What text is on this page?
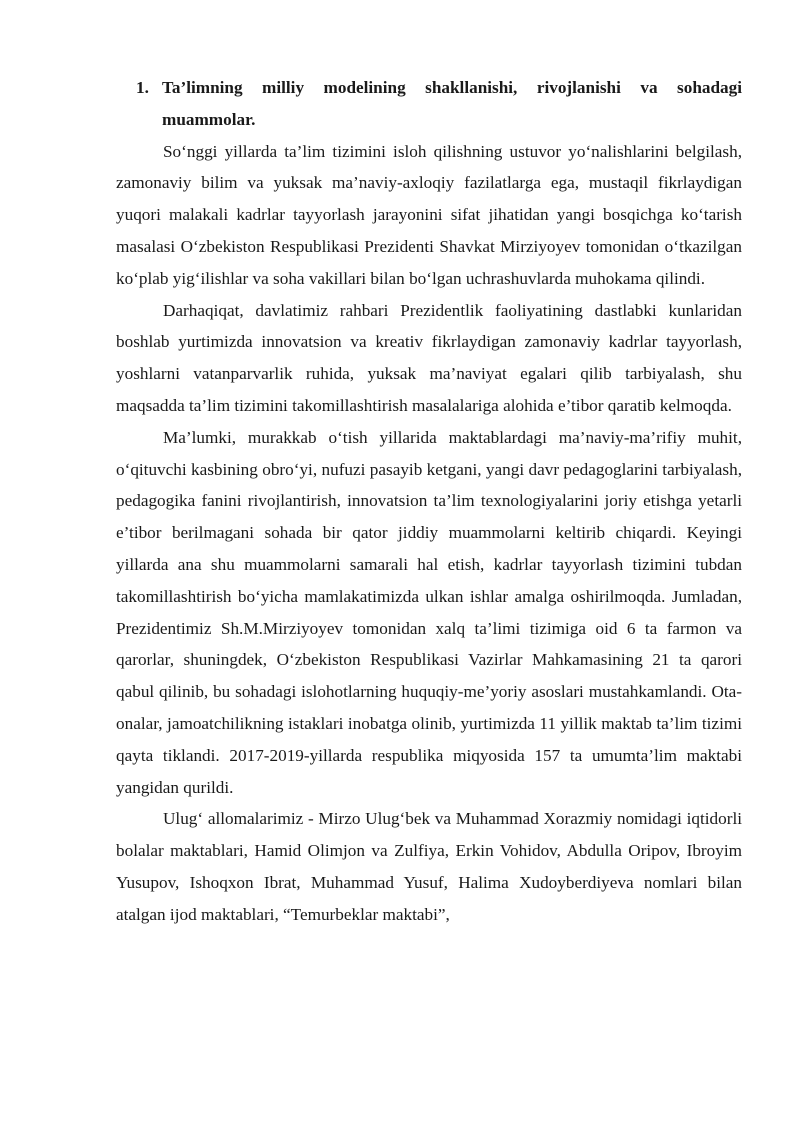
1. Ta’limning milliy modelining shakllanishi, rivojlanishi va sohadagi muammolar.

So‘nggi yillarda ta’lim tizimini isloh qilishning ustuvor yo‘nalishlarini belgilash, zamonaviy bilim va yuksak ma’naviy-axloqiy fazilatlarga ega, mustaqil fikrlaydigan yuqori malakali kadrlar tayyorlash jarayonini sifat jihatidan yangi bosqichga ko‘tarish masalasi O‘zbekiston Respublikasi Prezidenti Shavkat Mirziyoyev tomonidan o‘tkazilgan ko‘plab yig‘ilishlar va soha vakillari bilan bo‘lgan uchrashuvlarda muhokama qilindi.

Darhaqiqat, davlatimiz rahbari Prezidentlik faoliyatining dastlabki kunlaridan boshlab yurtimizda innovatsion va kreativ fikrlaydigan zamonaviy kadrlar tayyorlash, yoshlarni vatanparvarlik ruhida, yuksak ma’naviyat egalari qilib tarbiyalash, shu maqsadda ta’lim tizimini takomillashtirish masalalariga alohida e’tibor qaratib kelmoqda.

Ma’lumki, murakkab o‘tish yillarida maktablardagi ma’naviy-ma’rifiy muhit, o‘qituvchi kasbining obro‘yi, nufuzi pasayib ketgani, yangi davr pedagoglarini tarbiyalash, pedagogika fanini rivojlantirish, innovatsion ta’lim texnologiyalarini joriy etishga yetarli e’tibor berilmagani sohada bir qator jiddiy muammolarni keltirib chiqardi. Keyingi yillarda ana shu muammolarni samarali hal etish, kadrlar tayyorlash tizimini tubdan takomillashtirish bo‘yicha mamlakatimizda ulkan ishlar amalga oshirilmoqda. Jumladan, Prezidentimiz Sh.M.Mirziyoyev tomonidan xalq ta’limi tizimiga oid 6 ta farmon va qarorlar, shuningdek, O‘zbekiston Respublikasi Vazirlar Mahkamasining 21 ta qarori qabul qilinib, bu sohadagi islohotlarning huquqiy-me’yoriy asoslari mustahkamlandi. Ota-onalar, jamoatchilikning istaklari inobatga olinib, yurtimizda 11 yillik maktab ta’lim tizimi qayta tiklandi. 2017-2019-yillarda respublika miqyosida 157 ta umumta’lim maktabi yangidan qurildi.

Ulug‘ allomalarimiz - Mirzo Ulug‘bek va Muhammad Xorazmiy nomidagi iqtidorli bolalar maktablari, Hamid Olimjon va Zulfiya, Erkin Vohidov, Abdulla Oripov, Ibroyim Yusupov, Ishoqxon Ibrat, Muhammad Yusuf, Halima Xudoyberdiyeva nomlari bilan atalgan ijod maktablari, “Temurbeklar maktabi”,
